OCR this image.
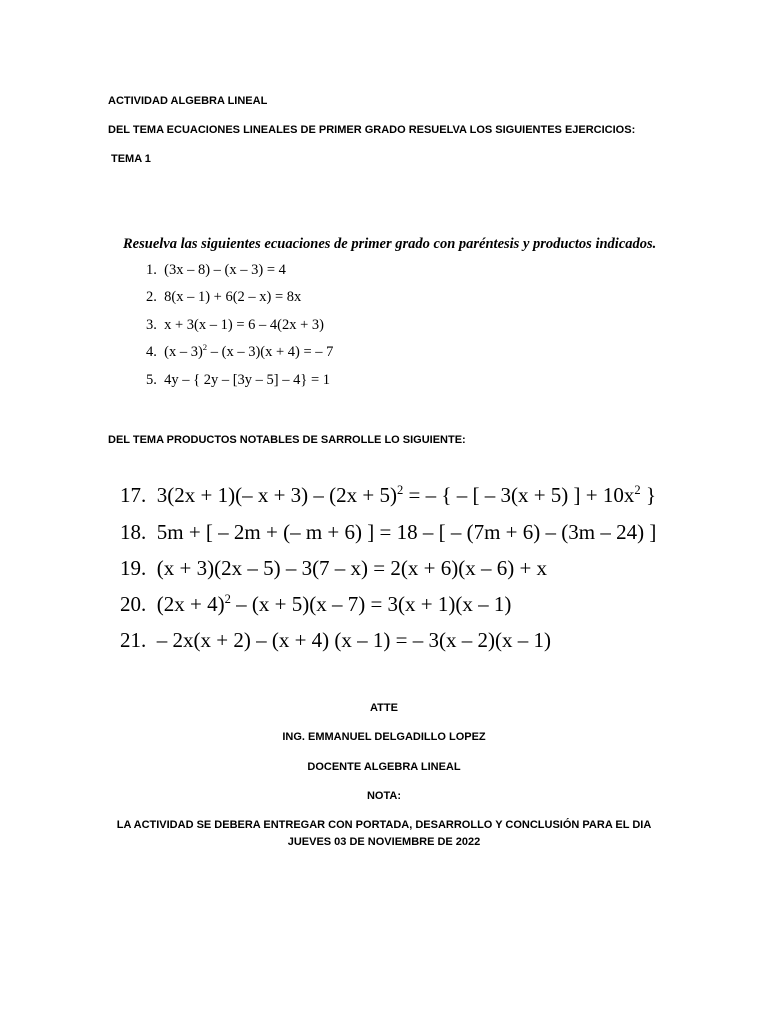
ACTIVIDAD ALGEBRA LINEAL
DEL TEMA ECUACIONES LINEALES DE PRIMER GRADO RESUELVA LOS SIGUIENTES EJERCICIOS:
TEMA 1
Resuelva las siguientes ecuaciones de primer grado con paréntesis y productos indicados.
1. (3x – 8) – (x – 3) = 4
2. 8(x – 1) + 6(2 – x) = 8x
3. x + 3(x – 1) = 6 – 4(2x + 3)
4. (x – 3)$^2$ – (x – 3)(x + 4) = – 7
5. 4y – { 2y – [3y – 5] – 4} = 1
DEL TEMA PRODUCTOS NOTABLES DE SARROLLE LO SIGUIENTE:
17. 3(2x + 1)(– $x + 3) - (2x + 5)^2$ = – { – [ – 3(x + 5) ] + $10x^2$ }
18. 5m + [ – 2m + (– m + 6) ] = 18 – [ – (7m + 6) – (3m – 24) ]
19. (x + 3)(2x – 5) – 3(7 – x) = 2(x + 6)(x – 6) + x
20. $(2x + 4)^2 - (x + 5)(x - 7) = 3(x + 1)(x - 1)$
21. – 2x(x + 2) – (x + 4) (x – 1) = – 3(x – 2)(x – 1)
ATTE
ING. EMMANUEL DELGADILLO LOPEZ
DOCENTE ALGEBRA LINEAL
NOTA:
LA ACTIVIDAD SE DEBERA ENTREGAR CON PORTADA, DESARROLLO Y CONCLUSIÓN PARA EL DIA
JUEVES 03 DE NOVIEMBRE DE 2022
